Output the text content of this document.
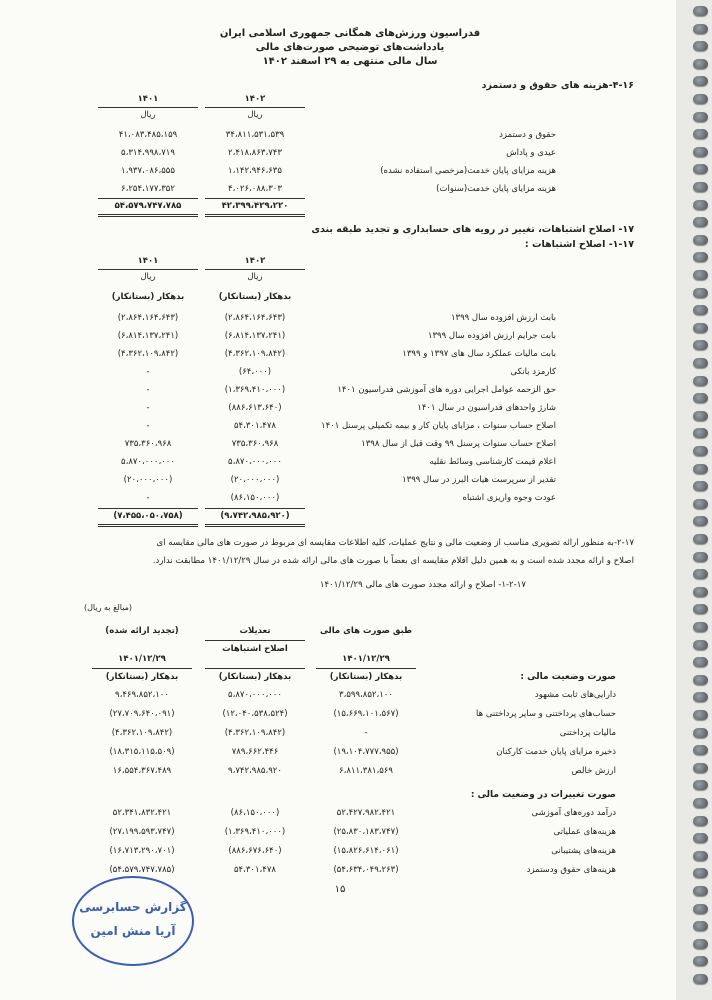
فدراسیون ورزش‌های همگانی جمهوری اسلامی ایران
یادداشت‌های توضیحی صورت‌های مالی
سال مالی منتهی به ۲۹ اسفند ۱۴۰۲
۴-۱۶-هزینه های حقوق و دستمزد
۱۴۰۲
۱۴۰۱
ریال
ریال
حقوق و دستمزد
۳۴،۸۱۱،۵۳۱،۵۳۹
۴۱،۰۸۳،۴۸۵،۱۵۹
عیدی و پاداش
۲،۴۱۸،۸۶۳،۷۴۳
۵،۳۱۴،۹۹۸،۷۱۹
هزینه مزایای پایان خدمت(مرخصی استفاده نشده)
۱،۱۴۲،۹۴۶،۶۳۵
۱،۹۳۷،۰۸۶،۵۵۵
هزینه مزایای پایان خدمت(سنوات)
۴،۰۲۶،۰۸۸،۳۰۳
۶،۲۵۴،۱۷۷،۳۵۲
۴۲،۳۹۹،۴۲۹،۲۲۰
۵۴،۵۷۹،۷۴۷،۷۸۵
۱۷- اصلاح اشتباهات، تغییر در رویه های حسابداری و تجدید طبقه بندی
۱-۱۷- اصلاح اشتباهات :
۱۴۰۲
۱۴۰۱
ریال
ریال
بدهکار (بستانکار)
بدهکار (بستانکار)
بابت ارزش افزوده سال ۱۳۹۹
(۲،۸۶۴،۱۶۴،۶۴۳)
(۲،۸۶۴،۱۶۴،۶۴۳)
بابت جرایم ارزش افزوده سال ۱۳۹۹
(۶،۸۱۴،۱۳۷،۲۴۱)
(۶،۸۱۴،۱۳۷،۲۴۱)
بابت مالیات عملکرد سال های ۱۳۹۷ و ۱۳۹۹
(۴،۳۶۲،۱۰۹،۸۴۲)
(۴،۳۶۲،۱۰۹،۸۴۲)
کارمزد بانکی
(۶۴،۰۰۰)
-
حق الزحمه عوامل اجرایی دوره های آموزشی فدراسیون ۱۴۰۱
(۱،۳۶۹،۴۱۰،۰۰۰)
-
شارژ واحدهای فدراسیون در سال ۱۴۰۱
(۸۸۶،۶۱۳،۶۴۰)
-
اصلاح حساب سنوات ، مزایای پایان کار و بیمه تکمیلی پرسنل ۱۴۰۱
۵۴،۳۰۱،۴۷۸
-
اصلاح حساب سنوات پرسنل ۹۹ وقت قبل از سال ۱۳۹۸
۷۳۵،۳۶۰،۹۶۸
۷۳۵،۳۶۰،۹۶۸
اعلام قیمت کارشناسی وسائط نقلیه
۵،۸۷۰،۰۰۰،۰۰۰
۵،۸۷۰،۰۰۰،۰۰۰
تقدیر از سرپرست هیات البرز در سال ۱۳۹۹
(۲۰،۰۰۰،۰۰۰)
(۲۰،۰۰۰،۰۰۰)
عودت وجوه واریزی اشتباه
(۸۶،۱۵۰،۰۰۰)
-
(۹،۷۴۲،۹۸۵،۹۲۰)
(۷،۴۵۵،۰۵۰،۷۵۸)
۲-۱۷-به منظور ارائه تصویری مناسب از وضعیت مالی و نتایج عملیات، کلیه اطلاعات مقایسه ای مربوط در صورت های مالی مقایسه ای
اصلاح و ارائه مجدد شده است و به همین دلیل اقلام مقایسه ای بعضاً با صورت های مالی ارائه شده در سال ۱۴۰۱/۱۲/۲۹ مطابقت ندارد.
۱-۲-۱۷- اصلاح و ارائه مجدد صورت های مالی ۱۴۰۱/۱۲/۲۹
(مبالغ به ریال)
طبق صورت های مالی
تعدیلات
(تجدید ارائه شده)
اصلاح اشتباهات
۱۴۰۱/۱۲/۲۹
۱۴۰۱/۱۲/۲۹
بدهکار (بستانکار)
بدهکار (بستانکار)
بدهکار (بستانکار)	صورت وضعیت مالی :
دارایی‌های ثابت مشهود
۳،۵۹۹،۸۵۲،۱۰۰
۵،۸۷۰،۰۰۰،۰۰۰
۹،۴۶۹،۸۵۲،۱۰۰
حساب‌های پرداختنی و سایر پرداختنی ها
(۱۵،۶۶۹،۱۰۱،۵۶۷)
(۱۲،۰۴۰،۵۳۸،۵۲۴)
(۲۷،۷۰۹،۶۴۰،۰۹۱)
مالیات پرداختنی
-
(۴،۳۶۲،۱۰۹،۸۴۲)
(۴،۳۶۲،۱۰۹،۸۴۲)
ذخیره مزایای پایان خدمت کارکنان
(۱۹،۱۰۴،۷۷۷،۹۵۵)
۷۸۹،۶۶۲،۴۴۶
(۱۸،۳۱۵،۱۱۵،۵۰۹)
ارزش خالص
۶،۸۱۱،۳۸۱،۵۶۹
۹،۷۴۲،۹۸۵،۹۲۰
۱۶،۵۵۴،۳۶۷،۴۸۹
صورت تغییرات در وضعیت مالی :
درآمد دوره‌های آموزشی
۵۲،۴۲۷،۹۸۲،۴۲۱
(۸۶،۱۵۰،۰۰۰)
۵۲،۳۴۱،۸۳۲،۴۲۱
هزینه‌های عملیاتی
(۲۵،۸۳۰،۱۸۳،۷۴۷)
(۱،۳۶۹،۴۱۰،۰۰۰)
(۲۷،۱۹۹،۵۹۳،۷۴۷)
هزینه‌های پشتیبانی
(۱۵،۸۲۶،۶۱۴،۰۶۱)
(۸۸۶،۶۷۶،۶۴۰)
(۱۶،۷۱۳،۲۹۰،۷۰۱)
هزینه‌های حقوق ودستمزد
(۵۴،۶۳۴،۰۴۹،۲۶۳)
۵۴،۳۰۱،۴۷۸
(۵۴،۵۷۹،۷۴۷،۷۸۵)
۱۵
گزارش حسابرسی
آریا منش امین
